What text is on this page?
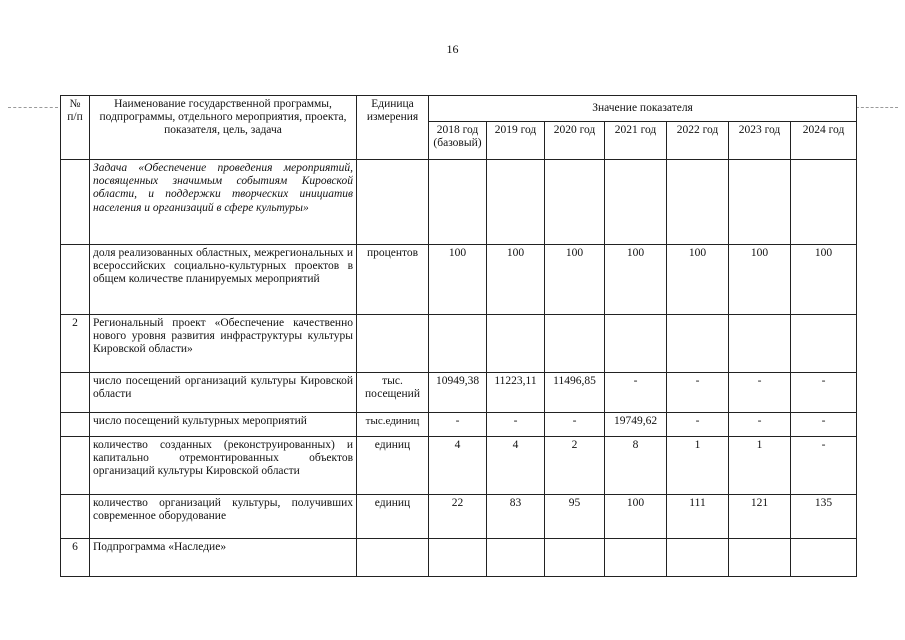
16
№ п/п	Наименование государственной программы, подпрограммы, отдельного мероприятия, проекта, показателя, цель, задача	Единица измерения	Значение показателя						
			2018 год (базовый)	2019 год	2020 год	2021 год	2022 год	2023 год	2024 год
	Задача «Обеспечение проведения мероприятий, посвященных значимым событиям Кировской области, и поддержки творческих инициатив населения и организаций в сфере культуры»								
	доля реализованных областных, межрегиональных и всероссийских социально-культурных проектов в общем количестве планируемых мероприятий	процентов	100	100	100	100	100	100	100
2	Региональный проект «Обеспечение качественно нового уровня развития инфраструктуры культуры Кировской области»								
	число посещений организаций культуры Кировской области	тыс. посещений	10949,38	11223,11	11496,85	-	-	-	-
	число посещений культурных мероприятий	тыс.единиц	-	-	-	19749,62	-	-	-
	количество созданных (реконструированных) и капитально отремонтированных объектов организаций культуры Кировской области	единиц	4	4	2	8	1	1	-
	количество организаций культуры, получивших современное оборудование	единиц	22	83	95	100	111	121	135
6	Подпрограмма «Наследие»								
